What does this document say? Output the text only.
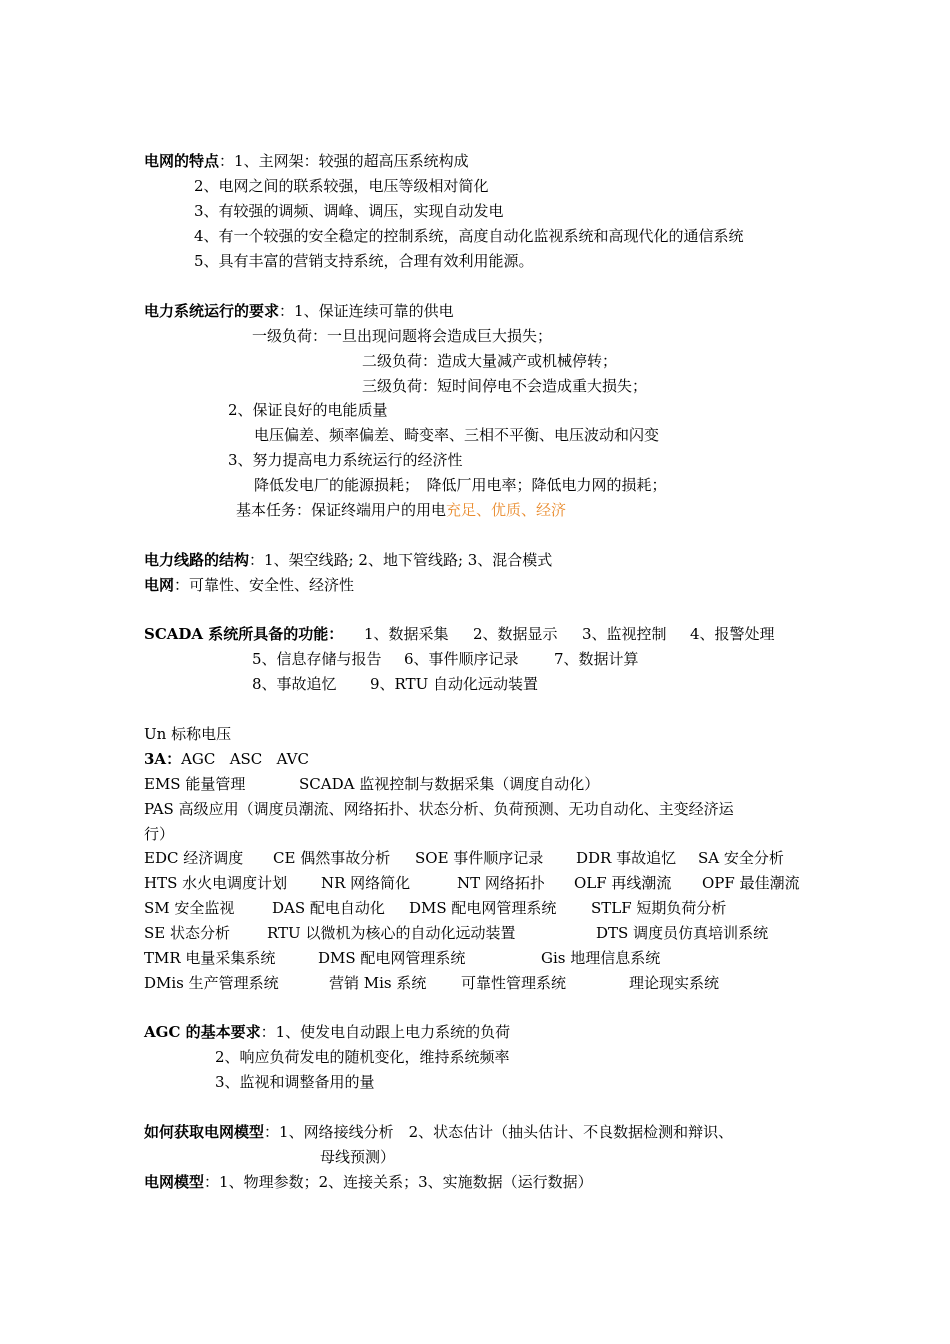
电网的特点：1、主网架：较强的超高压系统构成
2、电网之间的联系较强，电压等级相对简化
3、有较强的调频、调峰、调压，实现自动发电
4、有一个较强的安全稳定的控制系统，高度自动化监视系统和高现代化的通信系统
5、具有丰富的营销支持系统，合理有效利用能源。
电力系统运行的要求：1、保证连续可靠的供电
一级负荷：一旦出现问题将会造成巨大损失；
二级负荷：造成大量减产或机械停转；
三级负荷：短时间停电不会造成重大损失；
2、保证良好的电能质量
电压偏差、频率偏差、畸变率、三相不平衡、电压波动和闪变
3、努力提高电力系统运行的经济性
降低发电厂的能源损耗；　降低厂用电率；降低电力网的损耗；
基本任务：保证终端用户的用电充足、优质、经济
电力线路的结构：1、架空线路; 2、地下管线路; 3、混合模式
电网：可靠性、安全性、经济性
SCADA 系统所具备的功能： 1、数据采集 2、数据显示 3、监视控制 4、报警处理
5、信息存储与报告 6、事件顺序记录 7、数据计算
8、事故追忆 9、RTU 自动化远动装置
Un 标称电压
3A：AGC   ASC   AVC
EMS 能量管理	SCADA 监视控制与数据采集（调度自动化）
PAS 高级应用（调度员潮流、网络拓扑、状态分析、负荷预测、无功自动化、主变经济运
行）
EDC 经济调度 CE 偶然事故分析 SOE 事件顺序记录 DDR 事故追忆 SA 安全分析
HTS 水火电调度计划 NR 网络简化	NT 网络拓扑 OLF 再线潮流 OPF 最佳潮流
SM 安全监视	DAS 配电自动化 DMS 配电网管理系统 STLF 短期负荷分析
SE 状态分析 RTU 以微机为核心的自动化远动装置	DTS 调度员仿真培训系统
TMR 电量采集系统	DMS 配电网管理系统	Gis 地理信息系统
DMis 生产管理系统	营销 Mis 系统 可靠性管理系统	理论现实系统
AGC 的基本要求：1、使发电自动跟上电力系统的负荷
2、响应负荷发电的随机变化，维持系统频率
3、监视和调整备用的量
如何获取电网模型：1、网络接线分析　2、状态估计（抽头估计、不良数据检测和辩识、
母线预测）
电网模型：1、物理参数；2、连接关系；3、实施数据（运行数据）
